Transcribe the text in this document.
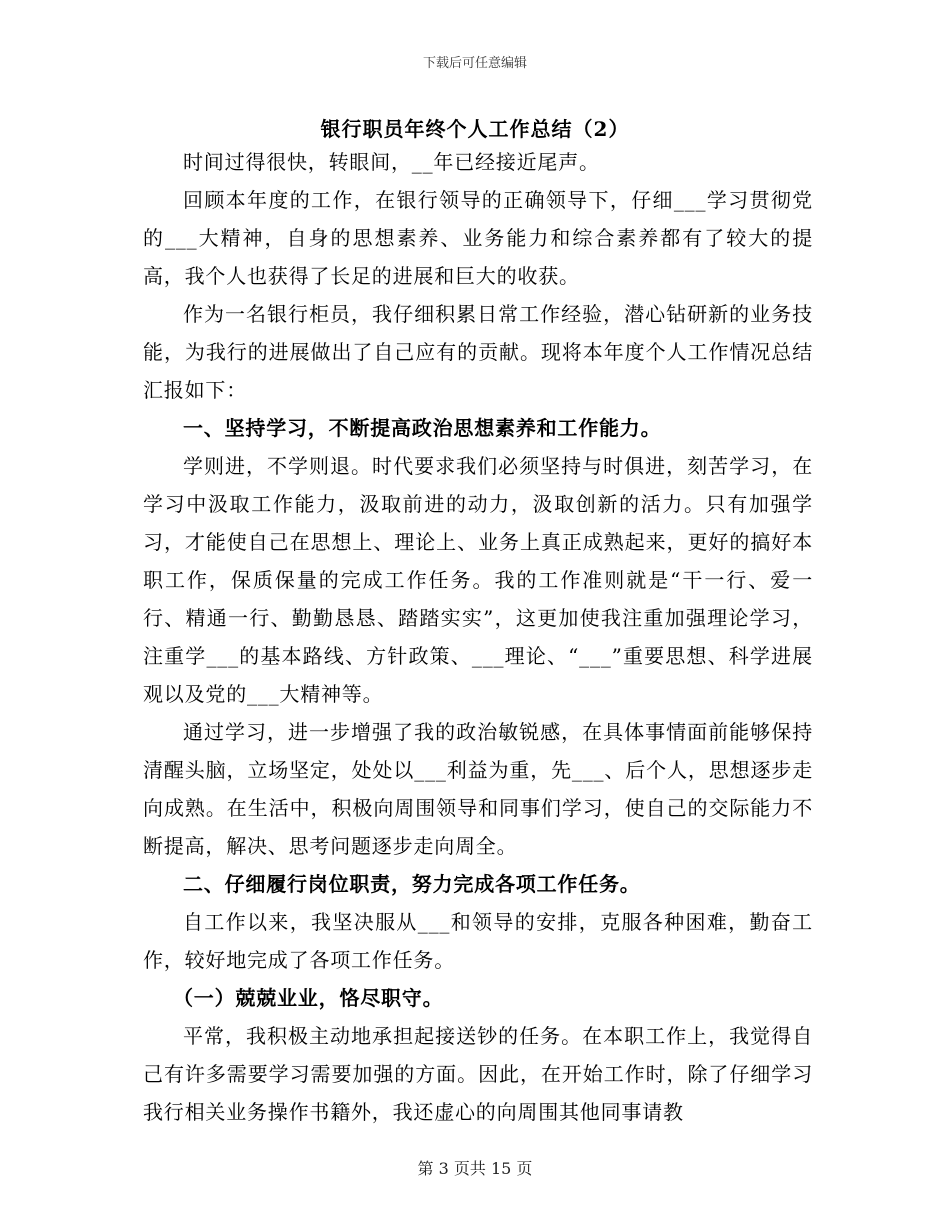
下载后可任意编辑
银行职员年终个人工作总结（2）

时间过得很快，转眼间，__年已经接近尾声。

回顾本年度的工作，在银行领导的正确领导下，仔细___学习贯彻党的___大精神，自身的思想素养、业务能力和综合素养都有了较大的提高，我个人也获得了长足的进展和巨大的收获。

作为一名银行柜员，我仔细积累日常工作经验，潜心钻研新的业务技能，为我行的进展做出了自己应有的贡献。现将本年度个人工作情况总结汇报如下：

一、坚持学习，不断提高政治思想素养和工作能力。

学则进，不学则退。时代要求我们必须坚持与时俱进，刻苦学习，在学习中汲取工作能力，汲取前进的动力，汲取创新的活力。只有加强学习，才能使自己在思想上、理论上、业务上真正成熟起来，更好的搞好本职工作，保质保量的完成工作任务。我的工作准则就是“干一行、爱一行、精通一行、勤勤恳恳、踏踏实实”，这更加使我注重加强理论学习，注重学___的基本路线、方针政策、___理论、“___”重要思想、科学进展观以及党的___大精神等。

通过学习，进一步增强了我的政治敏锐感，在具体事情面前能够保持清醒头脑，立场坚定，处处以___利益为重，先___、后个人，思想逐步走向成熟。在生活中，积极向周围领导和同事们学习，使自己的交际能力不断提高，解决、思考问题逐步走向周全。

二、仔细履行岗位职责，努力完成各项工作任务。

自工作以来，我坚决服从___和领导的安排，克服各种困难，勤奋工作，较好地完成了各项工作任务。

（一）兢兢业业，恪尽职守。

平常，我积极主动地承担起接送钞的任务。在本职工作上，我觉得自己有许多需要学习需要加强的方面。因此，在开始工作时，除了仔细学习我行相关业务操作书籍外，我还虚心的向周围其他同事请教

第 3 页共 15 页
